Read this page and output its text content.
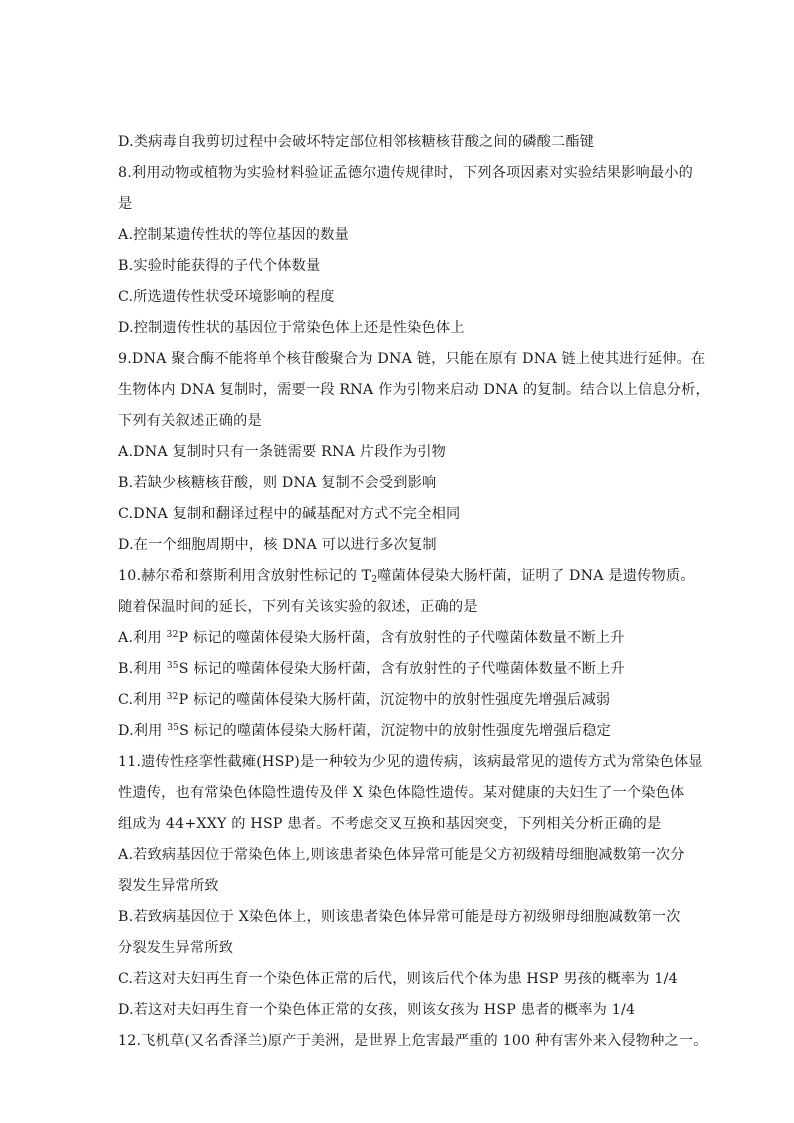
D.类病毒自我剪切过程中会破坏特定部位相邻核糖核苷酸之间的磷酸二酯键
8.利用动物或植物为实验材料验证孟德尔遗传规律时，下列各项因素对实验结果影响最小的
是
A.控制某遗传性状的等位基因的数量
B.实验时能获得的子代个体数量
C.所选遗传性状受环境影响的程度
D.控制遗传性状的基因位于常染色体上还是性染色体上
9.DNA 聚合酶不能将单个核苷酸聚合为 DNA 链，只能在原有 DNA 链上使其进行延伸。在
生物体内 DNA 复制时，需要一段 RNA 作为引物来启动 DNA 的复制。结合以上信息分析，
下列有关叙述正确的是
A.DNA 复制时只有一条链需要 RNA 片段作为引物
B.若缺少核糖核苷酸，则 DNA 复制不会受到影响
C.DNA 复制和翻译过程中的碱基配对方式不完全相同
D.在一个细胞周期中，核 DNA 可以进行多次复制
10.赫尔希和蔡斯利用含放射性标记的 $T_2$噬菌体侵染大肠杆菌，证明了 DNA 是遗传物质。
随着保温时间的延长，下列有关该实验的叙述，正确的是
A.利用 $^{32}$P 标记的噬菌体侵染大肠杆菌，含有放射性的子代噬菌体数量不断上升
B.利用 $^{35}$S 标记的噬菌体侵染大肠杆菌，含有放射性的子代噬菌体数量不断上升
C.利用 $^{32}$P 标记的噬菌体侵染大肠杆菌，沉淀物中的放射性强度先增强后减弱
D.利用 $^{35}$S 标记的噬菌体侵染大肠杆菌，沉淀物中的放射性强度先增强后稳定
11.遗传性痉挛性截瘫(HSP)是一种较为少见的遗传病，该病最常见的遗传方式为常染色体显
性遗传，也有常染色体隐性遗传及伴 X 染色体隐性遗传。某对健康的夫妇生了一个染色体
组成为 44+XXY 的 HSP 患者。不考虑交叉互换和基因突变，下列相关分析正确的是
A.若致病基因位于常染色体上,则该患者染色体异常可能是父方初级精母细胞减数第一次分
裂发生异常所致
B.若致病基因位于 X染色体上，则该患者染色体异常可能是母方初级卵母细胞减数第一次
分裂发生异常所致
C.若这对夫妇再生育一个染色体正常的后代，则该后代个体为患 HSP 男孩的概率为 1/4
D.若这对夫妇再生育一个染色体正常的女孩，则该女孩为 HSP 患者的概率为 1/4
12.飞机草(又名香泽兰)原产于美洲，是世界上危害最严重的 100 种有害外来入侵物种之一。
